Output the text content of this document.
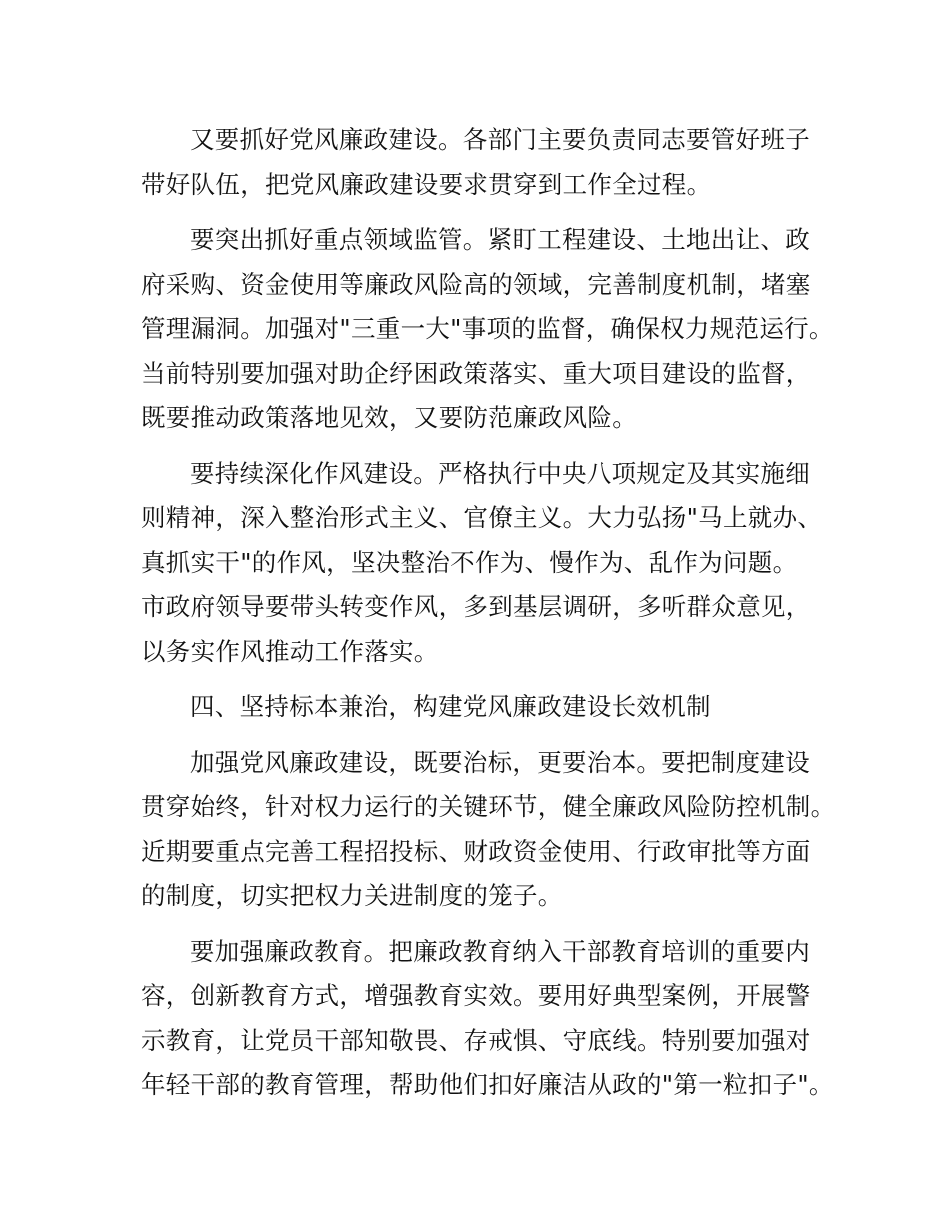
又要抓好党风廉政建设。各部门主要负责同志要管好班子
带好队伍，把党风廉政建设要求贯穿到工作全过程。

要突出抓好重点领域监管。紧盯工程建设、土地出让、政
府采购、资金使用等廉政风险高的领域，完善制度机制，堵塞
管理漏洞。加强对"三重一大"事项的监督，确保权力规范运行。
当前特别要加强对助企纾困政策落实、重大项目建设的监督，
既要推动政策落地见效，又要防范廉政风险。

要持续深化作风建设。严格执行中央八项规定及其实施细
则精神，深入整治形式主义、官僚主义。大力弘扬"马上就办、
真抓实干"的作风，坚决整治不作为、慢作为、乱作为问题。
市政府领导要带头转变作风，多到基层调研，多听群众意见，
以务实作风推动工作落实。

四、坚持标本兼治，构建党风廉政建设长效机制

加强党风廉政建设，既要治标，更要治本。要把制度建设
贯穿始终，针对权力运行的关键环节，健全廉政风险防控机制。
近期要重点完善工程招投标、财政资金使用、行政审批等方面
的制度，切实把权力关进制度的笼子。

要加强廉政教育。把廉政教育纳入干部教育培训的重要内
容，创新教育方式，增强教育实效。要用好典型案例，开展警
示教育，让党员干部知敬畏、存戒惧、守底线。特别要加强对
年轻干部的教育管理，帮助他们扣好廉洁从政的"第一粒扣子"。
